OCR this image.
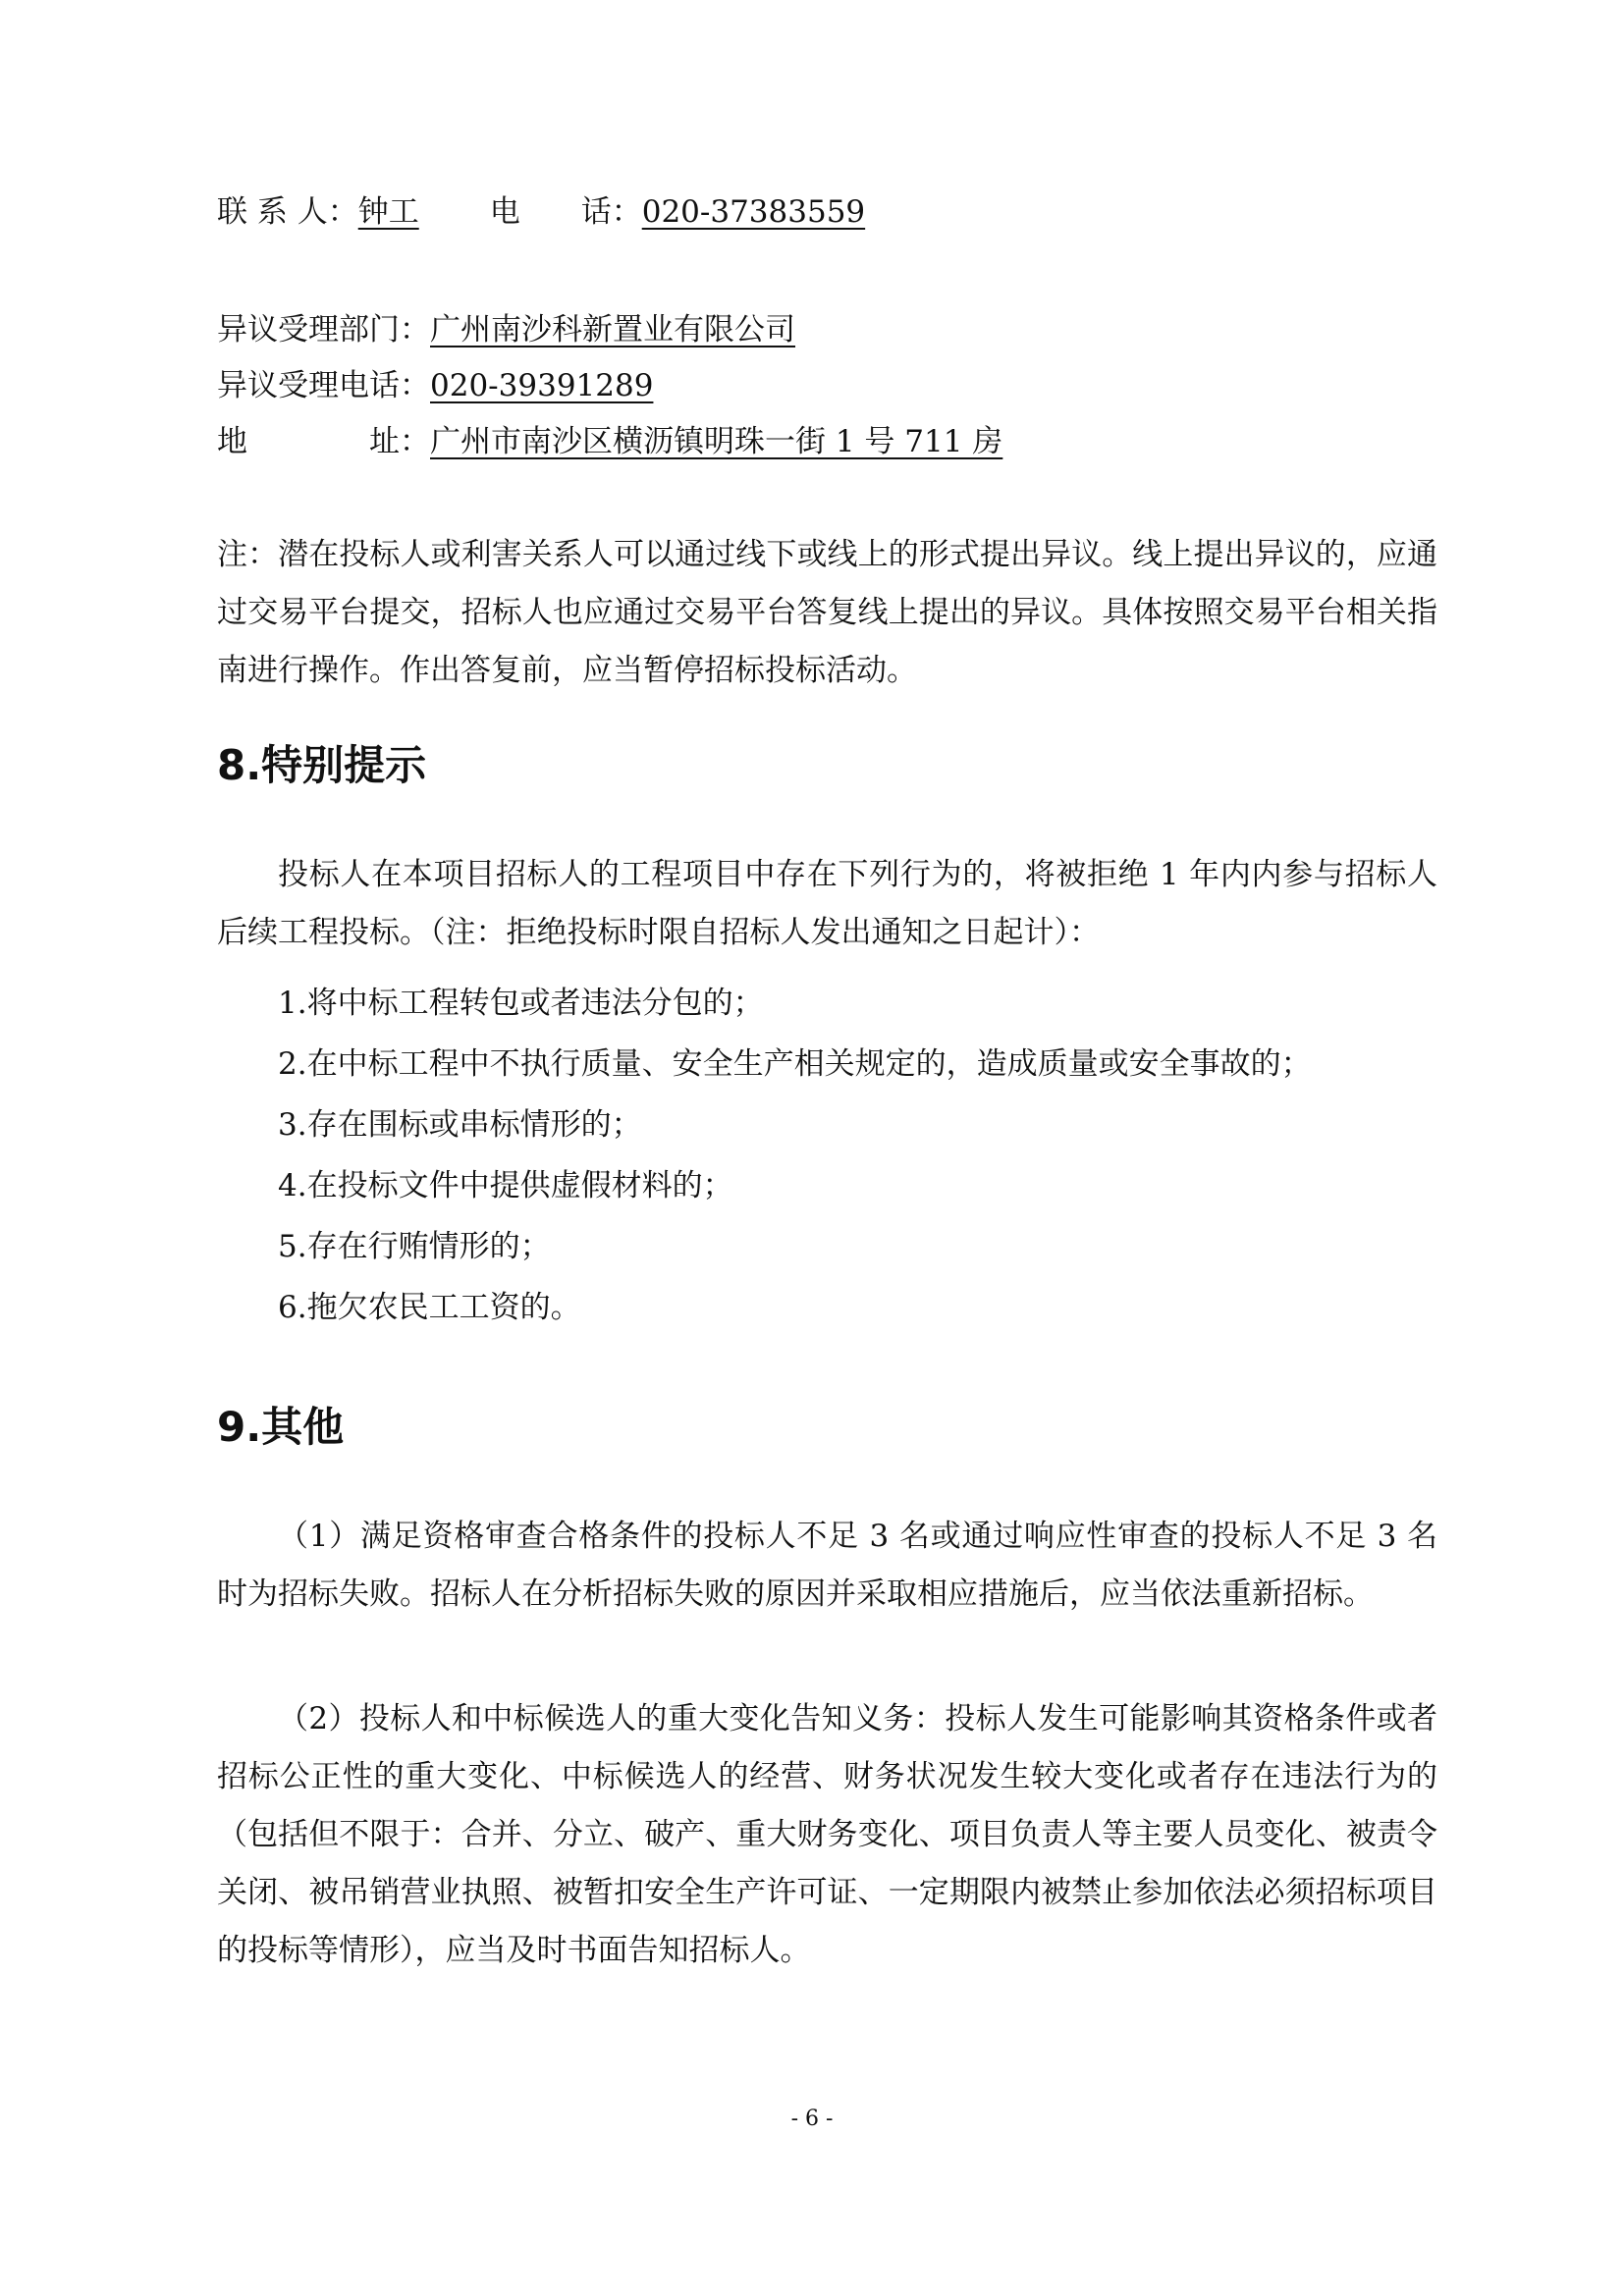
联 系 人：钟工 电　　话：020-37383559
异议受理部门：广州南沙科新置业有限公司
异议受理电话：020-39391289
地　　　　址：广州市南沙区横沥镇明珠一街 1 号 711 房
注：潜在投标人或利害关系人可以通过线下或线上的形式提出异议。线上提出异议的，应通过交易平台提交，招标人也应通过交易平台答复线上提出的异议。具体按照交易平台相关指南进行操作。作出答复前，应当暂停招标投标活动。
8.特别提示
投标人在本项目招标人的工程项目中存在下列行为的，将被拒绝 1 年内内参与招标人后续工程投标。（注：拒绝投标时限自招标人发出通知之日起计）：
1.将中标工程转包或者违法分包的；
2.在中标工程中不执行质量、安全生产相关规定的，造成质量或安全事故的；
3.存在围标或串标情形的；
4.在投标文件中提供虚假材料的；
5.存在行贿情形的；
6.拖欠农民工工资的。
9.其他
（1）满足资格审查合格条件的投标人不足 3 名或通过响应性审查的投标人不足 3 名时为招标失败。招标人在分析招标失败的原因并采取相应措施后，应当依法重新招标。
（2）投标人和中标候选人的重大变化告知义务：投标人发生可能影响其资格条件或者招标公正性的重大变化、中标候选人的经营、财务状况发生较大变化或者存在违法行为的（包括但不限于：合并、分立、破产、重大财务变化、项目负责人等主要人员变化、被责令关闭、被吊销营业执照、被暂扣安全生产许可证、一定期限内被禁止参加依法必须招标项目的投标等情形），应当及时书面告知招标人。
- 6 -
